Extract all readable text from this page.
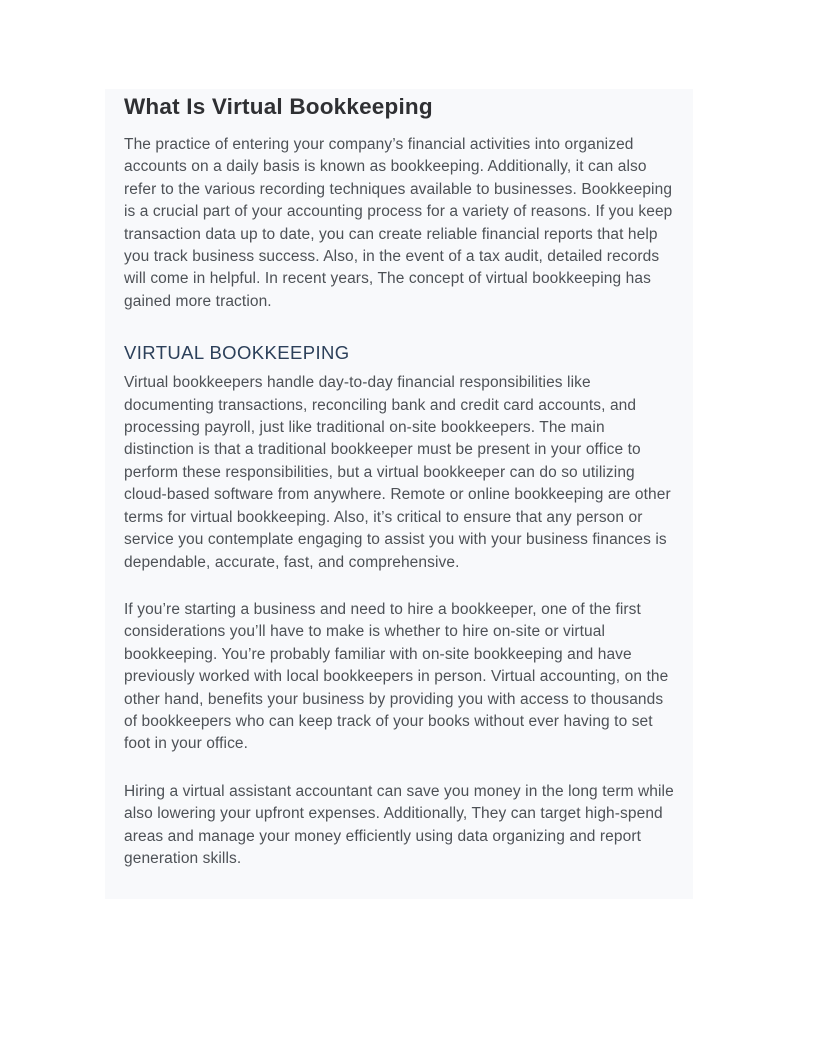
What Is Virtual Bookkeeping

The practice of entering your company’s financial activities into organized accounts on a daily basis is known as bookkeeping. Additionally, it can also refer to the various recording techniques available to businesses. Bookkeeping is a crucial part of your accounting process for a variety of reasons. If you keep transaction data up to date, you can create reliable financial reports that help you track business success. Also, in the event of a tax audit, detailed records will come in helpful. In recent years, The concept of virtual bookkeeping has gained more traction.

VIRTUAL BOOKKEEPING

Virtual bookkeepers handle day-to-day financial responsibilities like documenting transactions, reconciling bank and credit card accounts, and processing payroll, just like traditional on-site bookkeepers. The main distinction is that a traditional bookkeeper must be present in your office to perform these responsibilities, but a virtual bookkeeper can do so utilizing cloud-based software from anywhere. Remote or online bookkeeping are other terms for virtual bookkeeping. Also, it’s critical to ensure that any person or service you contemplate engaging to assist you with your business finances is dependable, accurate, fast, and comprehensive.

If you’re starting a business and need to hire a bookkeeper, one of the first considerations you’ll have to make is whether to hire on-site or virtual bookkeeping. You’re probably familiar with on-site bookkeeping and have previously worked with local bookkeepers in person. Virtual accounting, on the other hand, benefits your business by providing you with access to thousands of bookkeepers who can keep track of your books without ever having to set foot in your office.

Hiring a virtual assistant accountant can save you money in the long term while also lowering your upfront expenses. Additionally, They can target high-spend areas and manage your money efficiently using data organizing and report generation skills.
